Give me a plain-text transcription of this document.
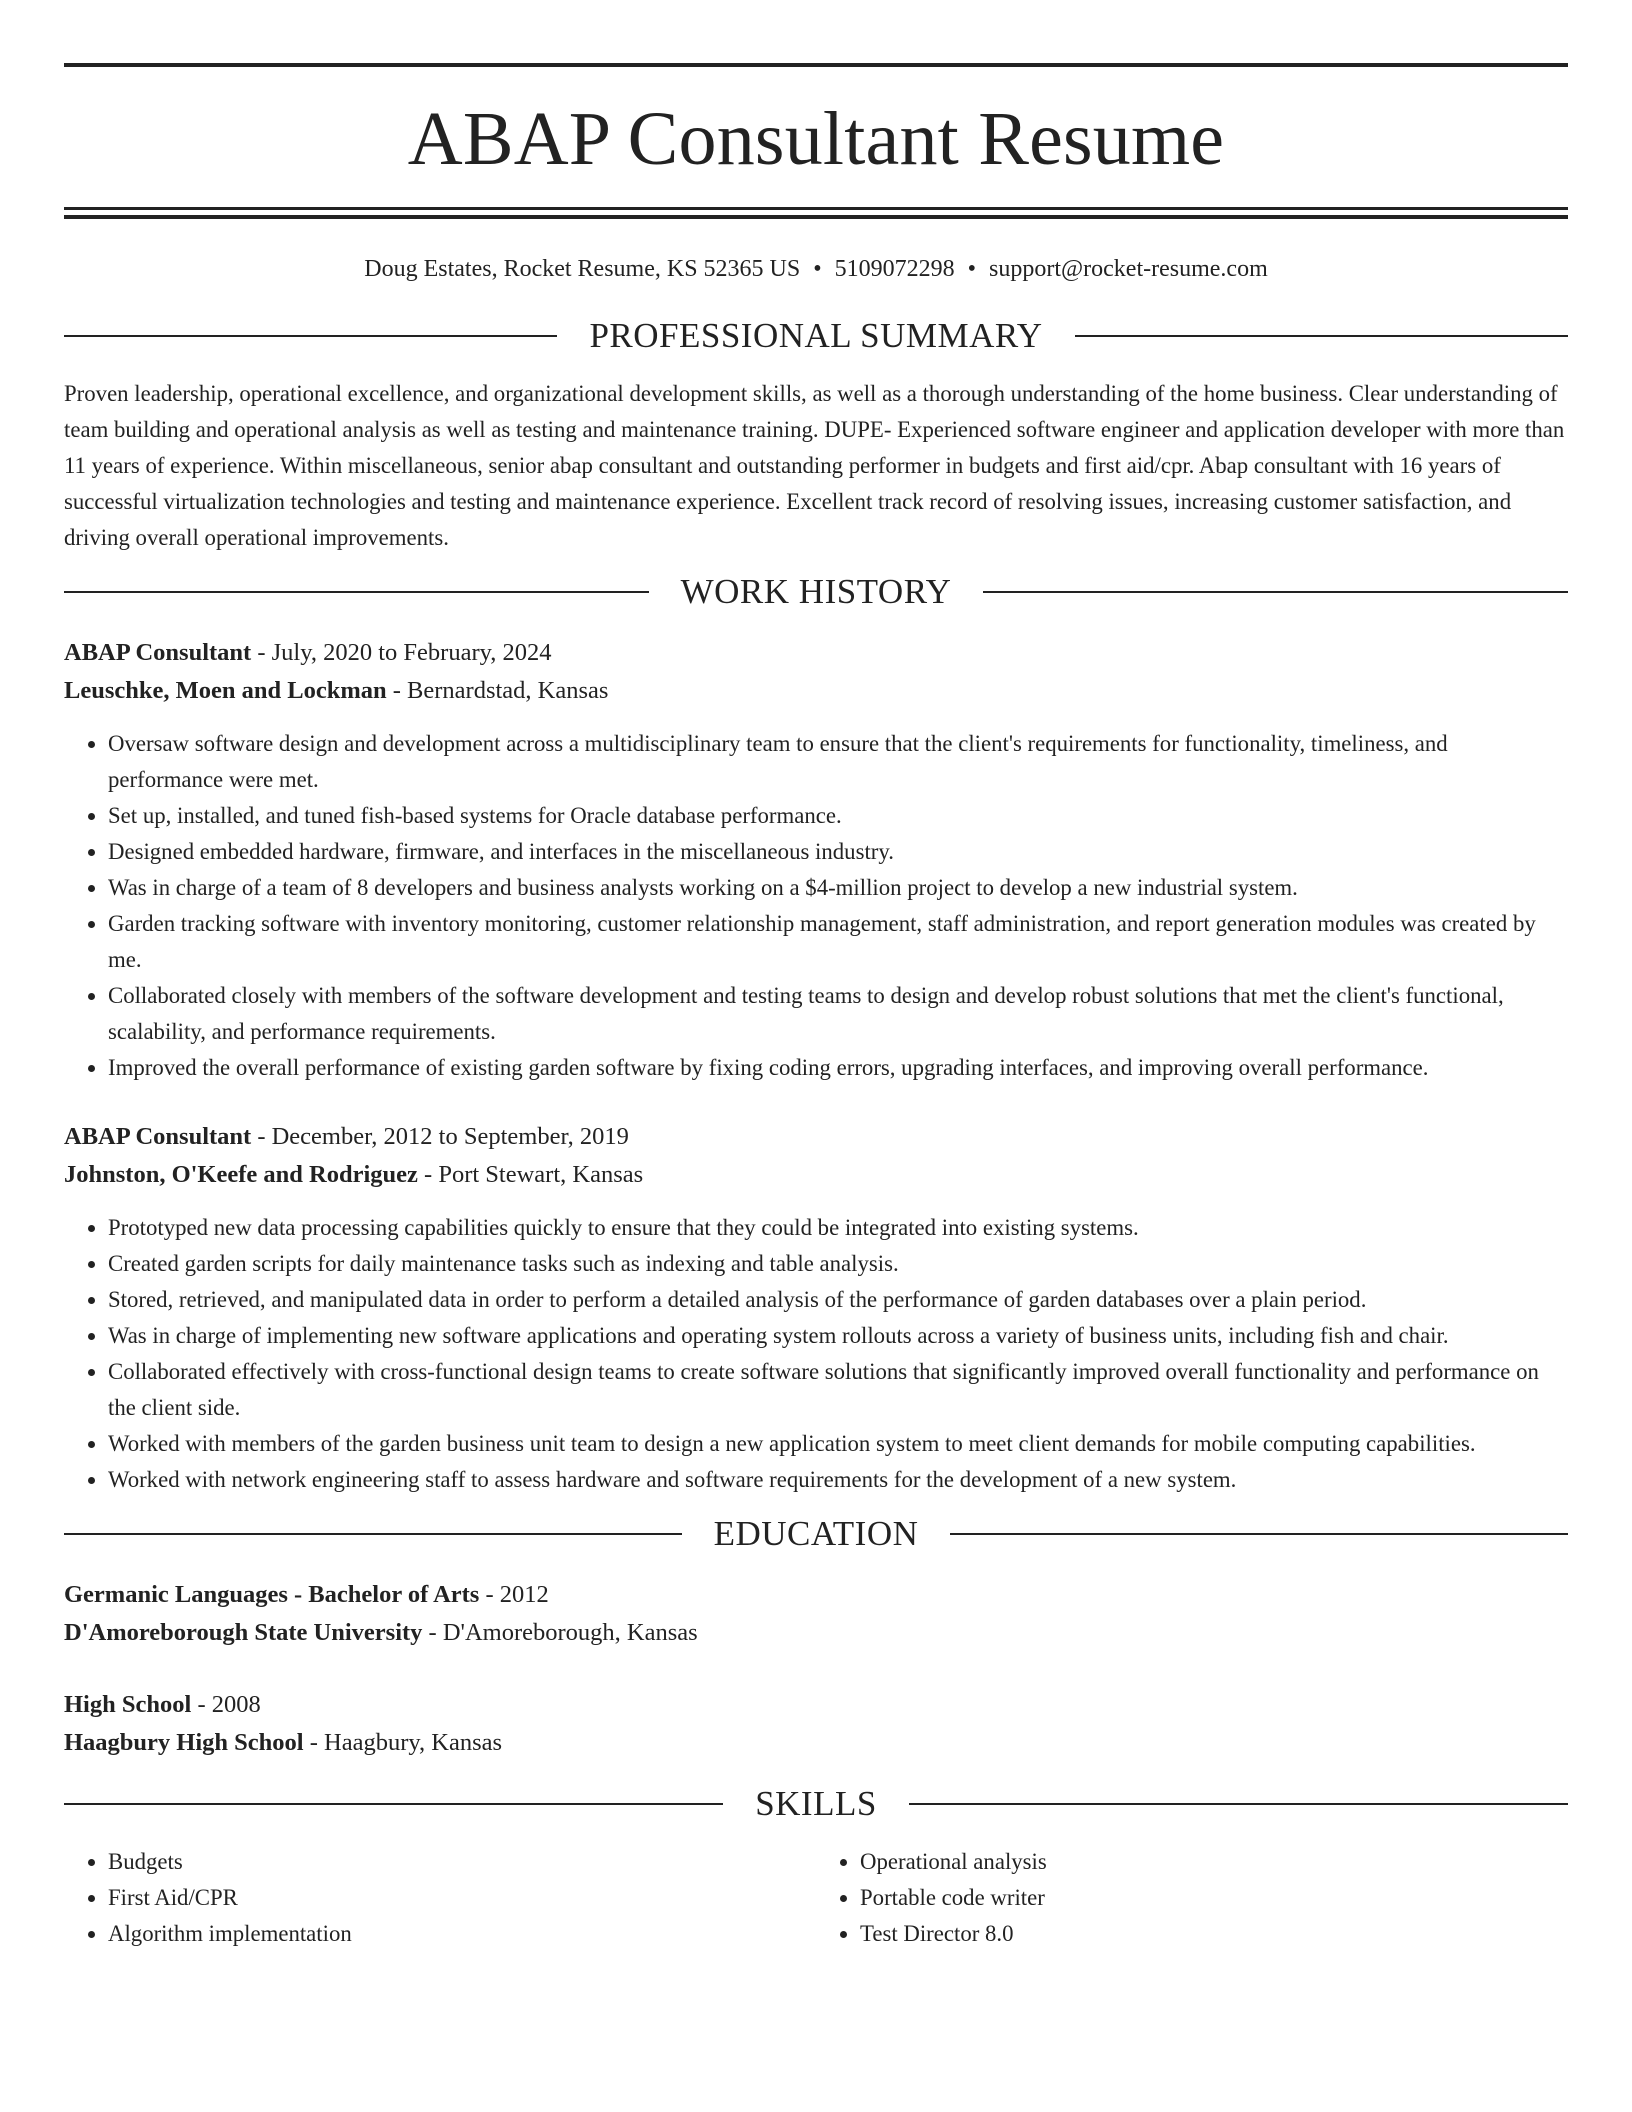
ABAP Consultant Resume
Doug Estates, Rocket Resume, KS 52365 US • 5109072298 • support@rocket-resume.com
PROFESSIONAL SUMMARY

Proven leadership, operational excellence, and organizational development skills, as well as a thorough understanding of the home business. Clear understanding of team building and operational analysis as well as testing and maintenance training. DUPE- Experienced software engineer and application developer with more than 11 years of experience. Within miscellaneous, senior abap consultant and outstanding performer in budgets and first aid/cpr. Abap consultant with 16 years of successful virtualization technologies and testing and maintenance experience. Excellent track record of resolving issues, increasing customer satisfaction, and driving overall operational improvements.

WORK HISTORY

ABAP Consultant - July, 2020 to February, 2024

Leuschke, Moen and Lockman - Bernardstad, Kansas

• Oversaw software design and development across a multidisciplinary team to ensure that the client's requirements for functionality, timeliness, and performance were met.
• Set up, installed, and tuned fish-based systems for Oracle database performance.
• Designed embedded hardware, firmware, and interfaces in the miscellaneous industry.
• Was in charge of a team of 8 developers and business analysts working on a $4-million project to develop a new industrial system.
• Garden tracking software with inventory monitoring, customer relationship management, staff administration, and report generation modules was created by me.
• Collaborated closely with members of the software development and testing teams to design and develop robust solutions that met the client's functional, scalability, and performance requirements.
• Improved the overall performance of existing garden software by fixing coding errors, upgrading interfaces, and improving overall performance.

ABAP Consultant - December, 2012 to September, 2019

Johnston, O'Keefe and Rodriguez - Port Stewart, Kansas

• Prototyped new data processing capabilities quickly to ensure that they could be integrated into existing systems.
• Created garden scripts for daily maintenance tasks such as indexing and table analysis.
• Stored, retrieved, and manipulated data in order to perform a detailed analysis of the performance of garden databases over a plain period.
• Was in charge of implementing new software applications and operating system rollouts across a variety of business units, including fish and chair.
• Collaborated effectively with cross-functional design teams to create software solutions that significantly improved overall functionality and performance on the client side.
• Worked with members of the garden business unit team to design a new application system to meet client demands for mobile computing capabilities.
• Worked with network engineering staff to assess hardware and software requirements for the development of a new system.
EDUCATION

Germanic Languages - Bachelor of Arts - 2012

D'Amoreborough State University - D'Amoreborough, Kansas

High School - 2008

Haagbury High School - Haagbury, Kansas

SKILLS
• Budgets
• First Aid/CPR
• Algorithm implementation
• Operational analysis
• Portable code writer
• Test Director 8.0
